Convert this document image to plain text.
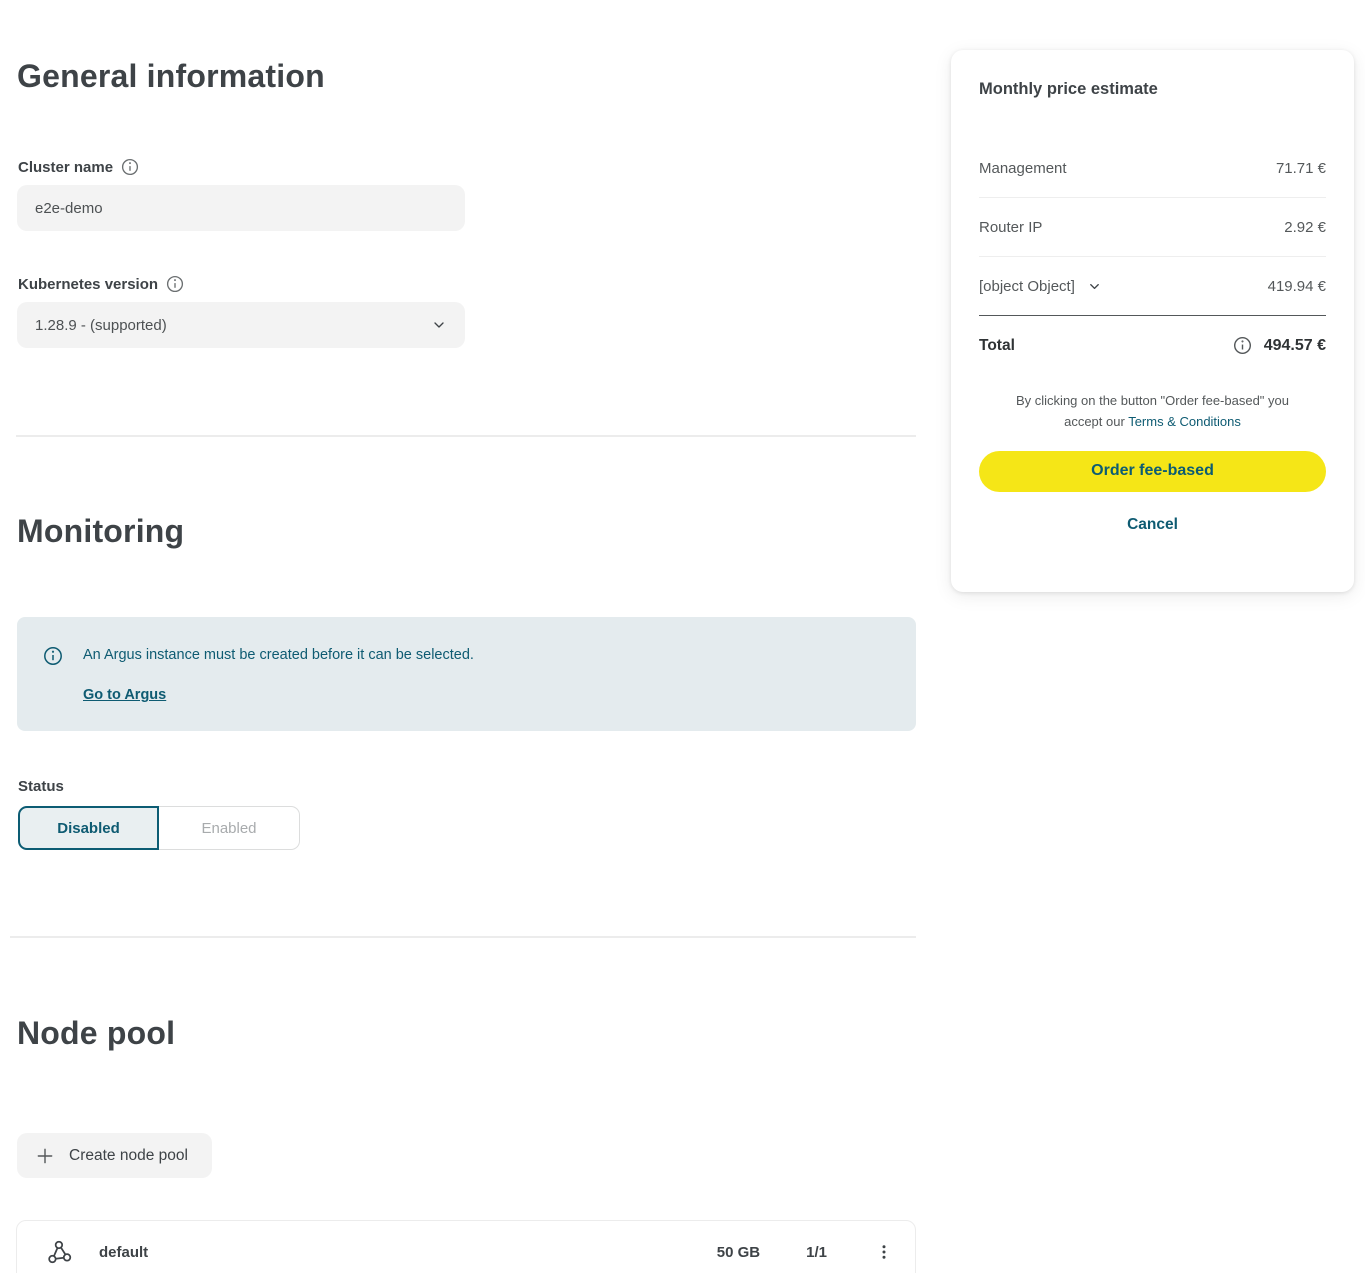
General information
Cluster name
e2e-demo
Kubernetes version
1.28.9 - (supported)
Monitoring
An Argus instance must be created before it can be selected.
Go to Argus
Status
Disabled	Enabled
Node pool
Create node pool
default	50 GB	1/1
Monthly price estimate
Management	71.71 €
Router IP	2.92 €
[object Object]	419.94 €
Total	494.57 €

By clicking on the button "Order fee-based" you accept our Terms & Conditions

Order fee-based
Cancel
